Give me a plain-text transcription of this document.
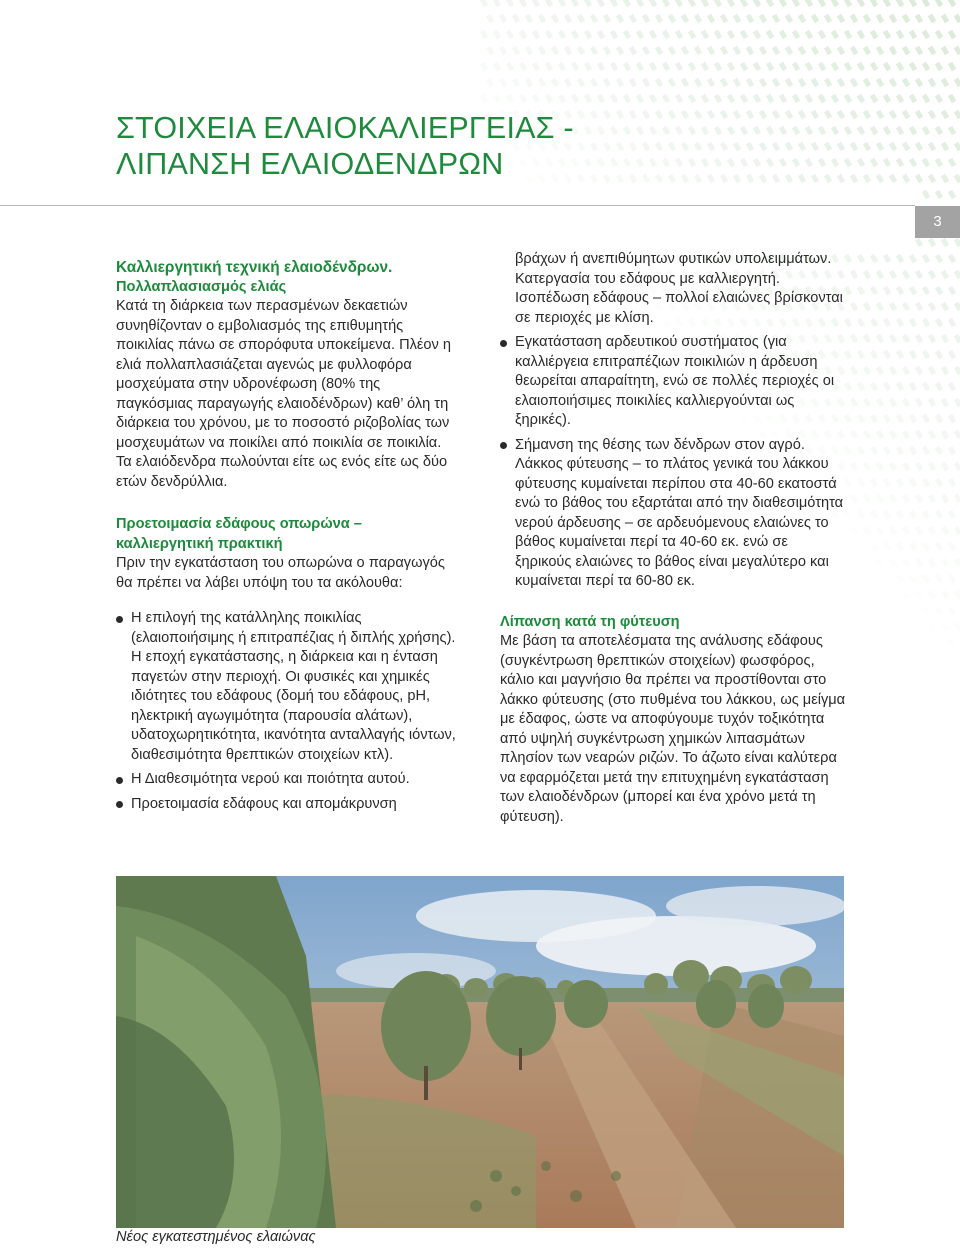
ΣΤΟΙΧΕΙΑ ΕΛΑΙΟΚΑΛΙΕΡΓΕΙΑΣ -
ΛΙΠΑΝΣΗ ΕΛΑΙΟΔΕΝΔΡΩΝ
3

Καλλιεργητική τεχνική ελαιοδένδρων.

Πολλαπλασιασμός ελιάς

Κατά τη διάρκεια των περασμένων δεκαετιών συνηθίζονταν ο εμβολιασμός της επιθυμητής ποικιλίας πάνω σε σπορόφυτα υποκείμενα. Πλέον η ελιά πολλαπλασιάζεται αγενώς με φυλλοφόρα μοσχεύματα στην υδρονέφωση (80% της παγκόσμιας παραγωγής ελαιοδένδρων) καθ’ όλη τη διάρκεια του χρόνου, με το ποσοστό ριζοβολίας των μοσχευμάτων να ποικίλει από ποικιλία σε ποικιλία. Τα ελαιόδενδρα πωλούνται είτε ως ενός είτε ως δύο ετών δενδρύλλια.

Προετοιμασία εδάφους οπωρώνα – καλλιεργητική πρακτική

Πριν την εγκατάσταση του οπωρώνα ο παραγωγός θα πρέπει να λάβει υπόψη του τα ακόλουθα:

Η επιλογή της κατάλληλης ποικιλίας (ελαιοποιήσιμης ή επιτραπέζιας ή διπλής χρήσης). Η εποχή εγκατάστασης, η διάρκεια και η ένταση παγετών στην περιοχή. Οι φυσικές και χημικές ιδιότητες του εδάφους (δομή του εδάφους, pH, ηλεκτρική αγωγιμότητα (παρουσία αλάτων), υδατοχωρητικότητα, ικανότητα ανταλλαγής ιόντων, διαθεσιμότητα θρεπτικών στοιχείων κτλ).
Η Διαθεσιμότητα νερού και ποιότητα αυτού.
Προετοιμασία εδάφους και απομάκρυνση

βράχων ή ανεπιθύμητων φυτικών υπολειμμάτων. Κατεργασία του εδάφους με καλλιεργητή. Ισοπέδωση εδάφους – πολλοί ελαιώνες βρίσκονται σε περιοχές με κλίση.

Εγκατάσταση αρδευτικού συστήματος (για καλλιέργεια επιτραπέζιων ποικιλιών η άρδευση θεωρείται απαραίτητη, ενώ σε πολλές περιοχές οι ελαιοποιήσιμες ποικιλίες καλλιεργούνται ως ξηρικές).
Σήμανση της θέσης των δένδρων στον αγρό. Λάκκος φύτευσης – το πλάτος γενικά του λάκκου φύτευσης κυμαίνεται περίπου στα 40-60 εκατοστά ενώ το βάθος του εξαρτάται από την διαθεσιμότητα νερού άρδευσης – σε αρδευόμενους ελαιώνες το βάθος κυμαίνεται περί τα 40-60 εκ. ενώ σε ξηρικούς ελαιώνες το βάθος είναι μεγαλύτερο και κυμαίνεται περί τα 60-80 εκ.

Λίπανση κατά τη φύτευση

Με βάση τα αποτελέσματα της ανάλυσης εδάφους (συγκέντρωση θρεπτικών στοιχείων) φωσφόρος, κάλιο και μαγνήσιο θα πρέπει να προστίθονται στο λάκκο φύτευσης (στο πυθμένα του λάκκου, ως μείγμα με έδαφος, ώστε να αποφύγουμε τυχόν τοξικότητα από υψηλή συγκέντρωση χημικών λιπασμάτων πλησίον των νεαρών ριζών. Το άζωτο είναι καλύτερα να εφαρμόζεται μετά την επιτυχημένη εγκατάσταση των ελαιοδένδρων (μπορεί και ένα χρόνο μετά τη φύτευση).

Νέος εγκατεστημένος ελαιώνας
